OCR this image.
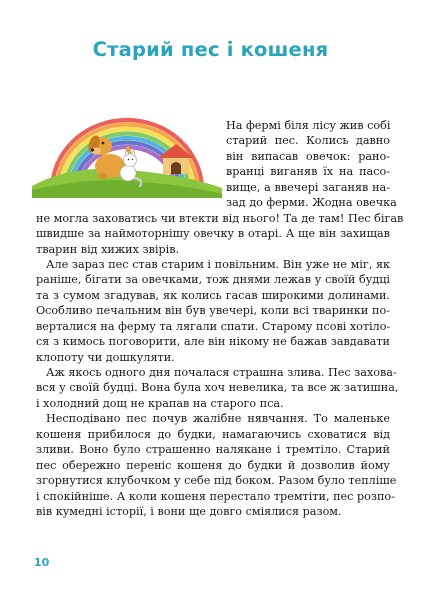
Старий пес і кошеня
На фермі біля лісу жив собі
старий пес. Колись давно
він випасав овечок: рано-
вранці виганяв їх на пасо-
вище, а ввечері заганяв на-
зад до ферми. Жодна овечка
не могла заховатись чи втекти від нього! Та де там! Пес бігав
швидше за наймоторнішу овечку в отарі. А ще він захищав
тварин від хижих звірів.
Але зараз пес став старим і повільним. Він уже не міг, як
раніше, бігати за овечками, тож днями лежав у своїй будці
та з сумом згадував, як колись гасав широкими долинами.
Особливо печальним він був увечері, коли всі тваринки по-
верталися на ферму та лягали спати. Старому псові хотіло-
ся з кимось поговорити, але він нікому не бажав завдавати
клопоту чи дошкуляти.
Аж якось одного дня почалася страшна злива. Пес захова-
вся у своїй будці. Вона була хоч невелика, та все ж затишна,
і холодний дощ не крапав на старого пса.
Несподівано пес почув жалібне нявчання. То маленьке
кошеня прибилося до будки, намагаючись сховатися від
зливи. Воно було страшенно налякане і тремтіло. Старий
пес обережно переніс кошеня до будки й дозволив йому
згорнутися клубочком у себе під боком. Разом було тепліше
і спокійніше. А коли кошеня перестало тремтіти, пес розпо-
вів кумедні історії, і вони ще довго сміялися разом.
10
